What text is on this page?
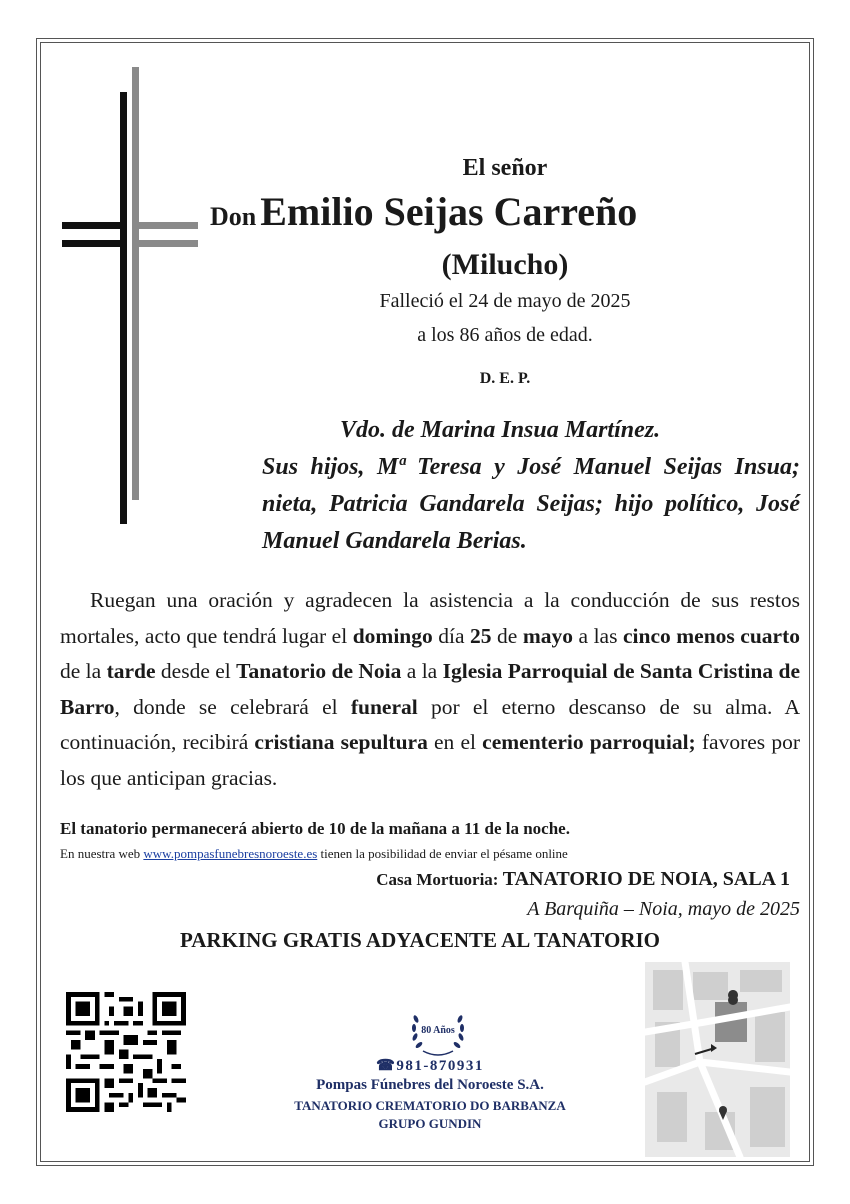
El señor
Don Emilio Seijas Carreño
(Milucho)
Falleció el 24 de mayo de 2025
a los 86 años de edad.
D. E. P.
Vdo. de Marina Insua Martínez.
Sus hijos, Mª Teresa y José Manuel Seijas Insua; nieta, Patricia Gandarela Seijas; hijo político, José Manuel Gandarela Berias.
Ruegan una oración y agradecen la asistencia a la conducción de sus restos mortales, acto que tendrá lugar el domingo día 25 de mayo a las cinco menos cuarto de la tarde desde el Tanatorio de Noia a la Iglesia Parroquial de Santa Cristina de Barro, donde se celebrará el funeral por el eterno descanso de su alma. A continuación, recibirá cristiana sepultura en el cementerio parroquial; favores por los que anticipan gracias.
El tanatorio permanecerá abierto de 10 de la mañana a 11 de la noche.
En nuestra web www.pompasfunebresnoroeste.es tienen la posibilidad de enviar el pésame online
Casa Mortuoria: TANATORIO DE NOIA, SALA 1
A Barquiña – Noia, mayo de 2025
PARKING GRATIS ADYACENTE AL TANATORIO
80 Años
☎981-870931
Pompas Fúnebres del Noroeste S.A.
TANATORIO CREMATORIO DO BARBANZA
GRUPO GUNDIN
